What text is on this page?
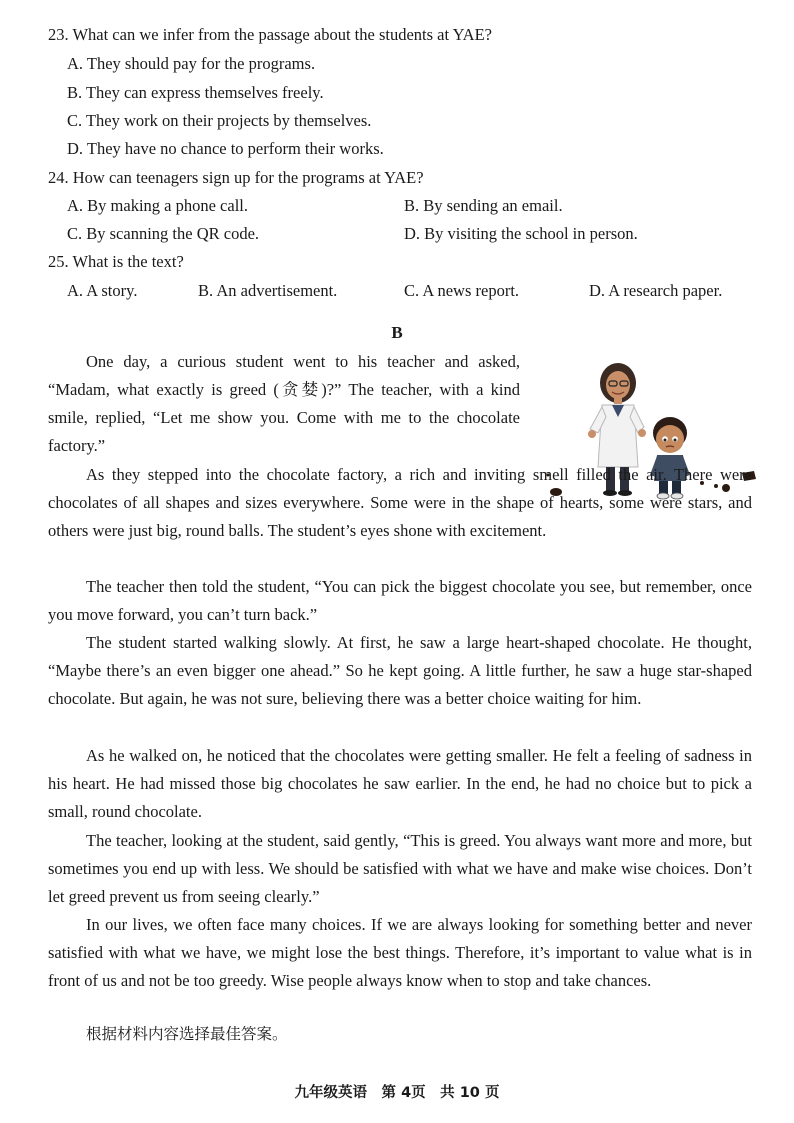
23. What can we infer from the passage about the students at YAE?
A. They should pay for the programs.
B. They can express themselves freely.
C. They work on their projects by themselves.
D. They have no chance to perform their works.
24. How can teenagers sign up for the programs at YAE?
A. By making a phone call.	B. By sending an email.
C. By scanning the QR code.	D. By visiting the school in person.
25. What is the text?
A. A story.	B. An advertisement.	C. A news report.	D. A research paper.
B
One day, a curious student went to his teacher and asked, “Madam, what exactly is greed (贪婪)?” The teacher, with a kind smile, replied, “Let me show you. Come with me to the chocolate factory.”
As they stepped into the chocolate factory, a rich and inviting smell filled the air. There were chocolates of all shapes and sizes everywhere. Some were in the shape of hearts, some were stars, and others were just big, round balls. The student’s eyes shone with excitement.
The teacher then told the student, “You can pick the biggest chocolate you see, but remember, once you move forward, you can’t turn back.”
The student started walking slowly. At first, he saw a large heart-shaped chocolate. He thought, “Maybe there’s an even bigger one ahead.” So he kept going. A little further, he saw a huge star-shaped chocolate. But again, he was not sure, believing there was a better choice waiting for him.
As he walked on, he noticed that the chocolates were getting smaller. He felt a feeling of sadness in his heart. He had missed those big chocolates he saw earlier. In the end, he had no choice but to pick a small, round chocolate.
The teacher, looking at the student, said gently, “This is greed. You always want more and more, but sometimes you end up with less. We should be satisfied with what we have and make wise choices. Don’t let greed prevent us from seeing clearly.”
In our lives, we often face many choices. If we are always looking for something better and never satisfied with what we have, we might lose the best things. Therefore, it’s important to value what is in front of us and not be too greedy. Wise people always know when to stop and take chances.
根据材料内容选择最佳答案。
九年级英语　第 4页　共 10 页
